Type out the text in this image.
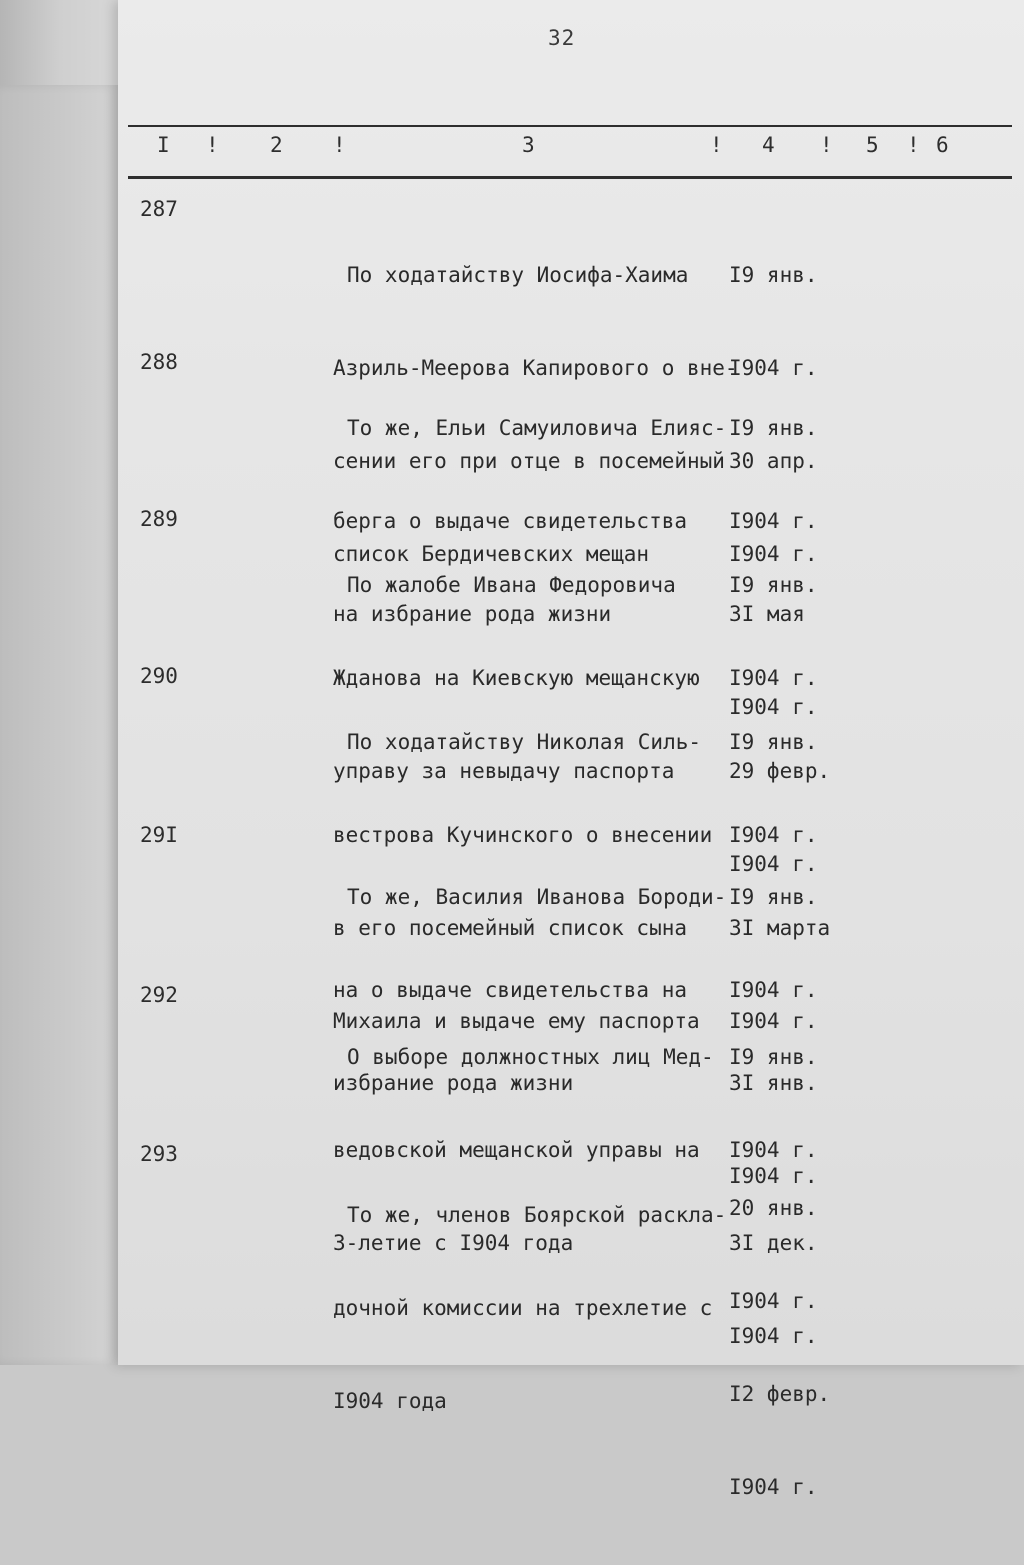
32
I ! 2 !	3	! 4 ! 5 ! 6
287

По ходатайству Иосифа-Хаима

Азриль-Меерова Капировогo о вне-

сении его при отце в посемейный

список Бердичевских мещан

I9 янв.

I904 г.

30 апр.

I904 г.

288

То же, Ельи Самуиловича Елияс-

берга о выдаче свидетельства

на избрание рода жизни

I9 янв.

I904 г.

3I мая

I904 г.

289

По жалобе Ивана Федоровича

Жданова на Киевскую мещанскую

управу за невыдачу паспорта

I9 янв.

I904 г.

29 февр.

I904 г.

290

По ходатайству Николая Силь-

вестрова Кучинского о внесении

в его посемейный список сына

Михаила и выдаче ему паспорта

I9 янв.

I904 г.

3I марта

I904 г.

29I

То же, Василия Иванова Бороди-

на о выдаче свидетельства на

избрание рода жизни

I9 янв.

I904 г.

3I янв.

I904 г.

292

О выборе должностных лиц Мед-

ведовской мещанской управы на

3-летие с I904 года

I9 янв.

I904 г.

3I дек.

I904 г.

293

То же, членов Боярской раскла-

дочной комиссии на трехлетие с

I904 года

20 янв.

I904 г.

I2 февр.

I904 г.
